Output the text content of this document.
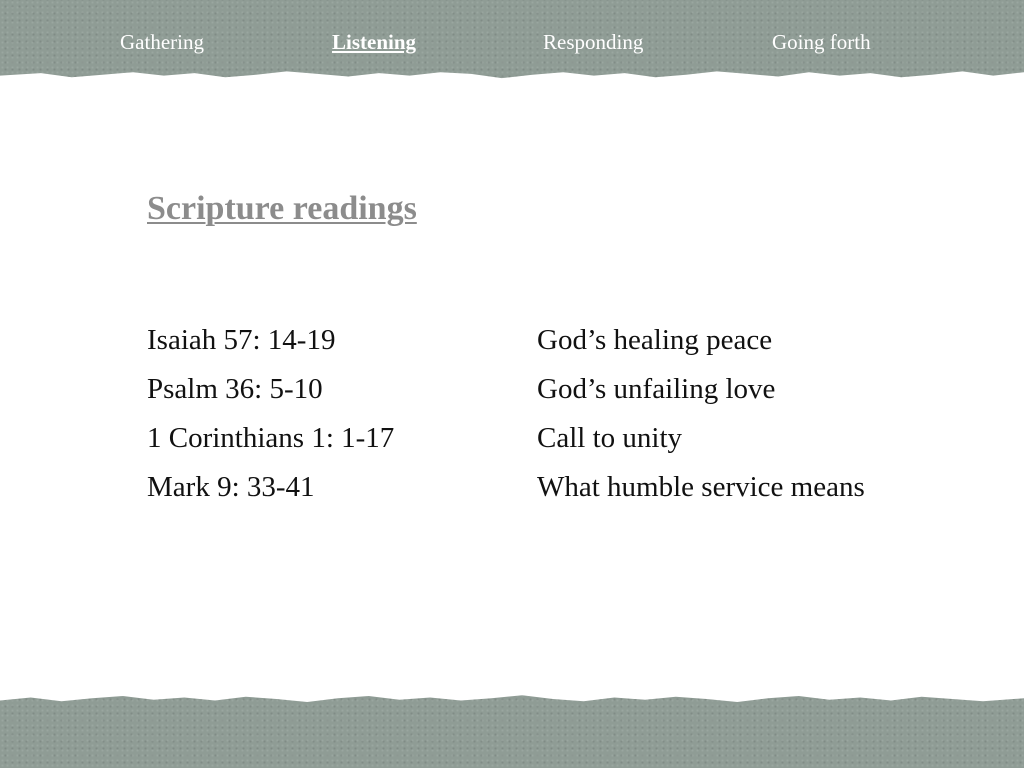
Gathering	Listening	Responding	Going forth
Scripture readings
Isaiah 57: 14-19	God’s healing peace
Psalm 36: 5-10	God’s unfailing love
1 Corinthians 1: 1-17	Call to unity
Mark 9: 33-41	What humble service means
